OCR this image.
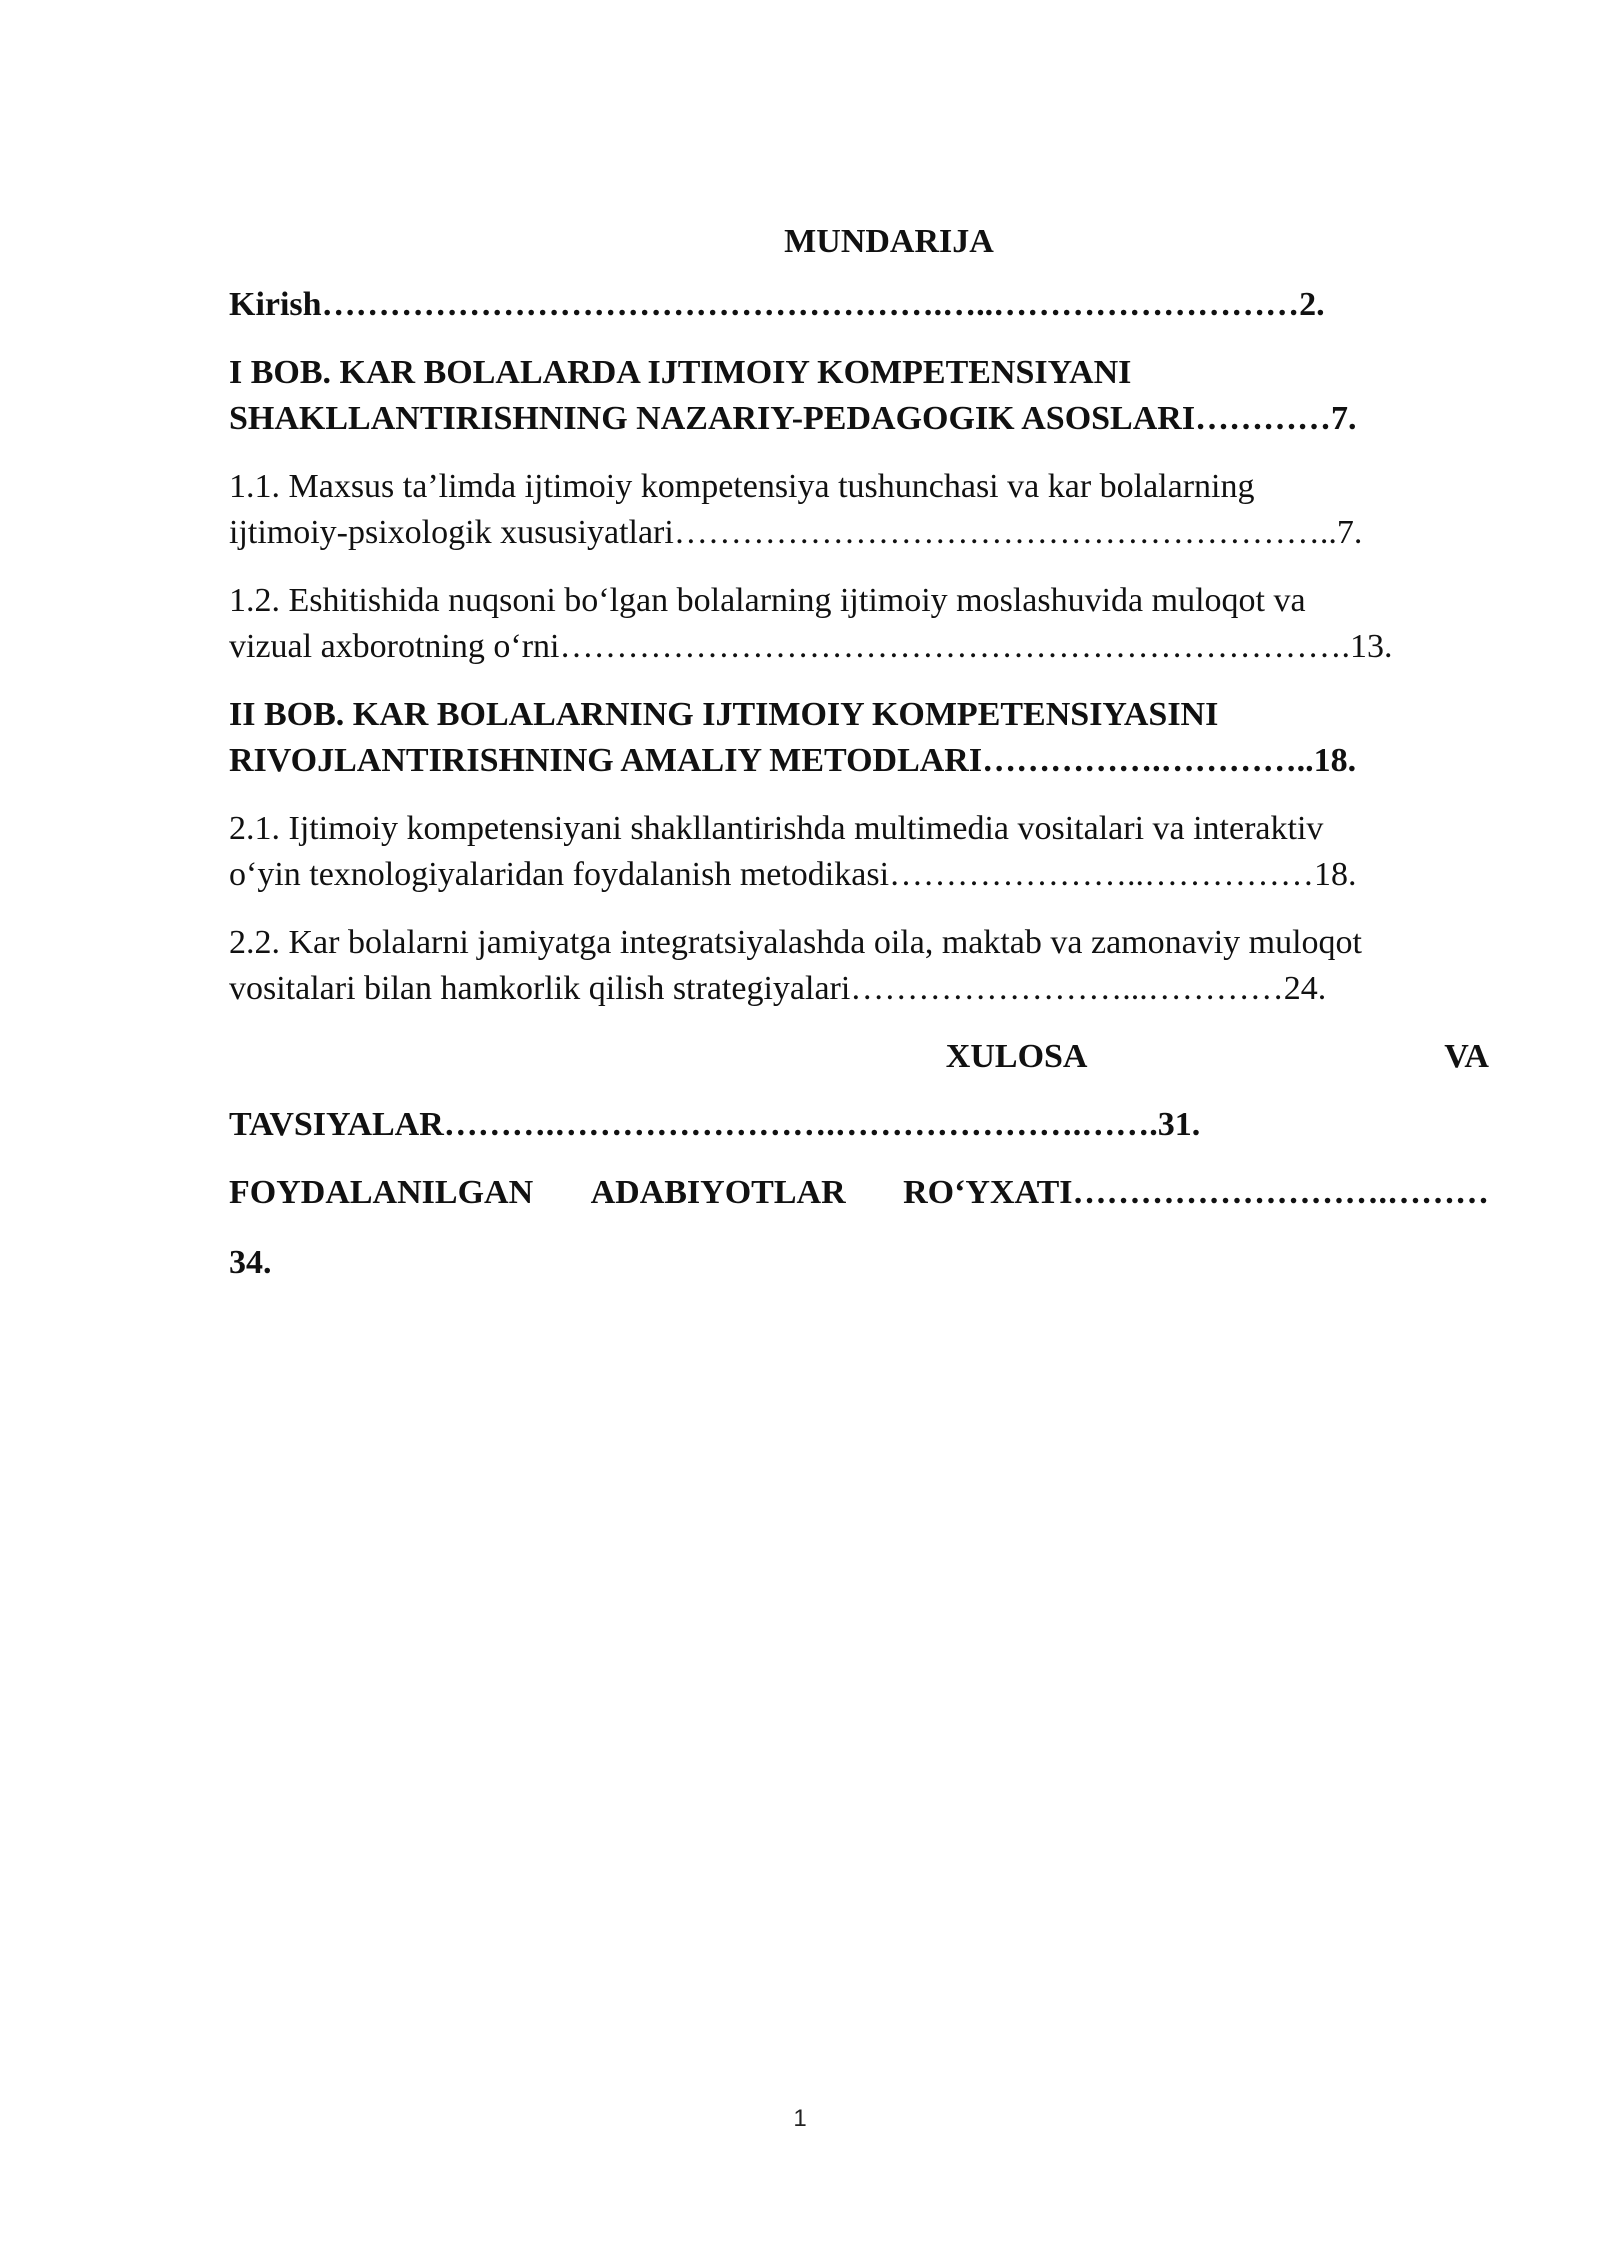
MUNDARIJA
Kirish……………………………………………….…..………………………2.
I BOB. KAR BOLALARDA IJTIMOIY KOMPETENSIYANI
SHAKLLANTIRISHNING NAZARIY-PEDAGOGIK ASOSLARI…………7.
1.1. Maxsus ta’limda ijtimoiy kompetensiya tushunchasi va kar bolalarning
ijtimoiy-psixologik xususiyatlari…………………………………………………..7.
1.2. Eshitishida nuqsoni bo‘lgan bolalarning ijtimoiy moslashuvida muloqot va
vizual axborotning o‘rni…………………………………………………………….13.
II BOB. KAR BOLALARNING IJTIMOIY KOMPETENSIYASINI
RIVOJLANTIRISHNING AMALIY METODLARI…………….…………..18.
2.1. Ijtimoiy kompetensiyani shakllantirishda multimedia vositalari va interaktiv
o‘yin texnologiyalaridan foydalanish metodikasi…………………..……………18.
2.2. Kar bolalarni jamiyatga integratsiyalashda oila, maktab va zamonaviy muloqot
vositalari bilan hamkorlik qilish strategiyalari……………………...…………24.
XULOSA	VA
TAVSIYALAR……….…………………….………………….…….31.
FOYDALANILGAN ADABIYOTLAR RO‘YXATI……………………….………
34.
1
